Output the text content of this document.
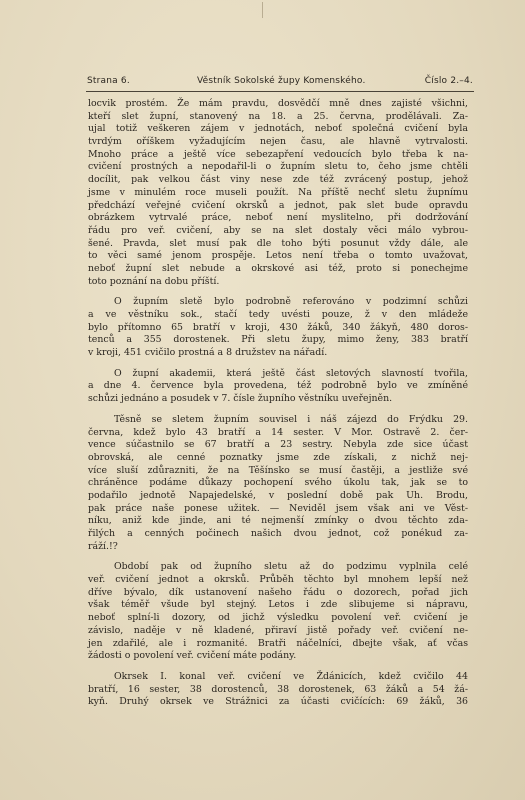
Strana 6.	Věstník Sokolské župy Komenského.	Číslo 2.–4.
locvik prostém. Že mám pravdu, dosvědčí mně dnes zajisté všichni,
kteří slet župní, stanovený na 18. a 25. června, prodělávali. Za-
ujal totiž veškeren zájem v jednotách, neboť společná cvičení byla
tvrdým oříškem vyžadujícím nejen času, ale hlavně vytrvalosti.
Mnoho práce a ještě více sebezapření vedoucích bylo třeba k na-
cvičení prostných a nepodařil-li o župním sletu to, čeho jsme chtěli
docílit, pak velkou část viny nese zde též zvrácený postup, jehož
jsme v minulém roce museli použít. Na příště nechť sletu župnímu
předchází veřejné cvičení okrsků a jednot, pak slet bude opravdu
obrázkem vytrvalé práce, neboť není myslitelno, při dodržování
řádu pro veř. cvičení, aby se na slet dostaly věci málo vybrou-
šené. Pravda, slet musí pak dle toho býti posunut vždy dále, ale
to věci samé jenom prospěje. Letos není třeba o tomto uvažovat,
neboť župní slet nebude a okrskové asi též, proto si ponechejme
toto poznání na dobu příští.
O župním sletě bylo podrobně referováno v podzimní schůzi
a ve věstníku sok., stačí tedy uvésti pouze, ž v den mládeže
bylo přítomno 65 bratří v kroji, 430 žáků, 340 žákyň, 480 doros-
tenců a 355 dorostenek. Při sletu župy, mimo ženy, 383 bratří
v kroji, 451 cvičilo prostná a 8 družstev na nářadí.
O župní akademii, která ještě část sletových slavností tvořila,
a dne 4. července byla provedena, též podrobně bylo ve zmíněné
schůzi jednáno a posudek v 7. čísle župního věstníku uveřejněn.
Těsně se sletem župním souvisel i náš zájezd do Frýdku 29.
června, kdež bylo 43 bratří a 14 sester. V Mor. Ostravě 2. čer-
vence súčastnilo se 67 bratří a 23 sestry. Nebyla zde sice účast
obrovská, ale cenné poznatky jsme zde získali, z nichž nej-
více sluší zdůrazniti, že na Těšínsko se musí častěji, a jestliže své
chráněnce podáme důkazy pochopení svého úkolu tak, jak se to
podařilo jednotě Napajedelské, v poslední době pak Uh. Brodu,
pak práce naše ponese užitek. — Neviděl jsem však ani ve Věst-
níku, aniž kde jinde, ani té nejmenší zmínky o dvou těchto zda-
řilých a cenných počinech našich dvou jednot, což ponékud za-
ráží.!?
Období pak od župního sletu až do podzimu vyplnila celé
veř. cvičení jednot a okrsků. Průběh těchto byl mnohem lepší než
dříve bývalo, dík ustanovení našeho řádu o dozorech, pořad jich
však téměř všude byl stejný. Letos i zde slibujeme si nápravu,
neboť splní-li dozory, od jichž výsledku povolení veř. cvičení je
závislo, naděje v ně kladené, přiraví jistě pořady veř. cvičení ne-
jen zdařilé, ale i rozmanité. Bratři náčelníci, dbejte však, ať včas
žádosti o povolení veř. cvičení máte podány.
Okrsek I. konal veř. cvičení ve Ždánicích, kdež cvičilo 44
bratří, 16 sester, 38 dorostenců, 38 dorostenek, 63 žáků a 54 žá-
kyň. Druhý okrsek ve Strážnici za účasti cvičících: 69 žáků, 36
